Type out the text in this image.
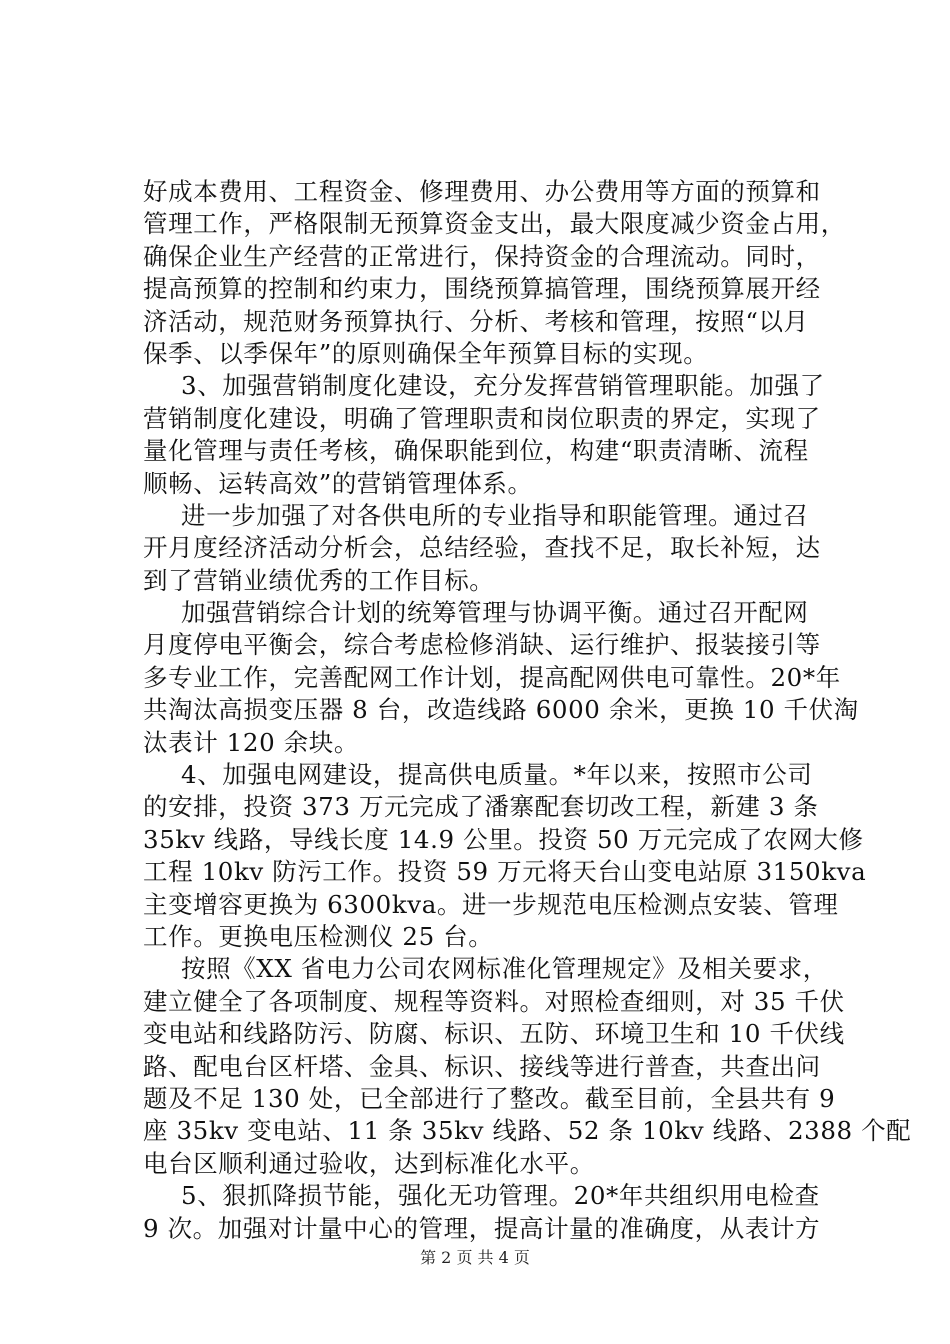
好成本费用、工程资金、修理费用、办公费用等方面的预算和
管理工作，严格限制无预算资金支出，最大限度减少资金占用，
确保企业生产经营的正常进行，保持资金的合理流动。同时，
提高预算的控制和约束力，围绕预算搞管理，围绕预算展开经
济活动，规范财务预算执行、分析、考核和管理，按照“以月
保季、以季保年”的原则确保全年预算目标的实现。
3、加强营销制度化建设，充分发挥营销管理职能。加强了
营销制度化建设，明确了管理职责和岗位职责的界定，实现了
量化管理与责任考核，确保职能到位，构建“职责清晰、流程
顺畅、运转高效”的营销管理体系。
进一步加强了对各供电所的专业指导和职能管理。通过召
开月度经济活动分析会，总结经验，查找不足，取长补短，达
到了营销业绩优秀的工作目标。
加强营销综合计划的统筹管理与协调平衡。通过召开配网
月度停电平衡会，综合考虑检修消缺、运行维护、报装接引等
多专业工作，完善配网工作计划，提高配网供电可靠性。20*年
共淘汰高损变压器 8 台，改造线路 6000 余米，更换 10 千伏淘
汰表计 120 余块。
4、加强电网建设，提高供电质量。*年以来，按照市公司
的安排，投资 373 万元完成了潘寨配套切改工程，新建 3 条
35kv 线路，导线长度 14.9 公里。投资 50 万元完成了农网大修
工程 10kv 防污工作。投资 59 万元将天台山变电站原 3150kva
主变增容更换为 6300kva。进一步规范电压检测点安装、管理
工作。更换电压检测仪 25 台。
按照《XX 省电力公司农网标准化管理规定》及相关要求，
建立健全了各项制度、规程等资料。对照检查细则，对 35 千伏
变电站和线路防污、防腐、标识、五防、环境卫生和 10 千伏线
路、配电台区杆塔、金具、标识、接线等进行普查，共查出问
题及不足 130 处，已全部进行了整改。截至目前，全县共有 9
座 35kv 变电站、11 条 35kv 线路、52 条 10kv 线路、2388 个配
电台区顺利通过验收，达到标准化水平。
5、狠抓降损节能，强化无功管理。20*年共组织用电检查
9 次。加强对计量中心的管理，提高计量的准确度，从表计方
第 2 页 共 4 页
